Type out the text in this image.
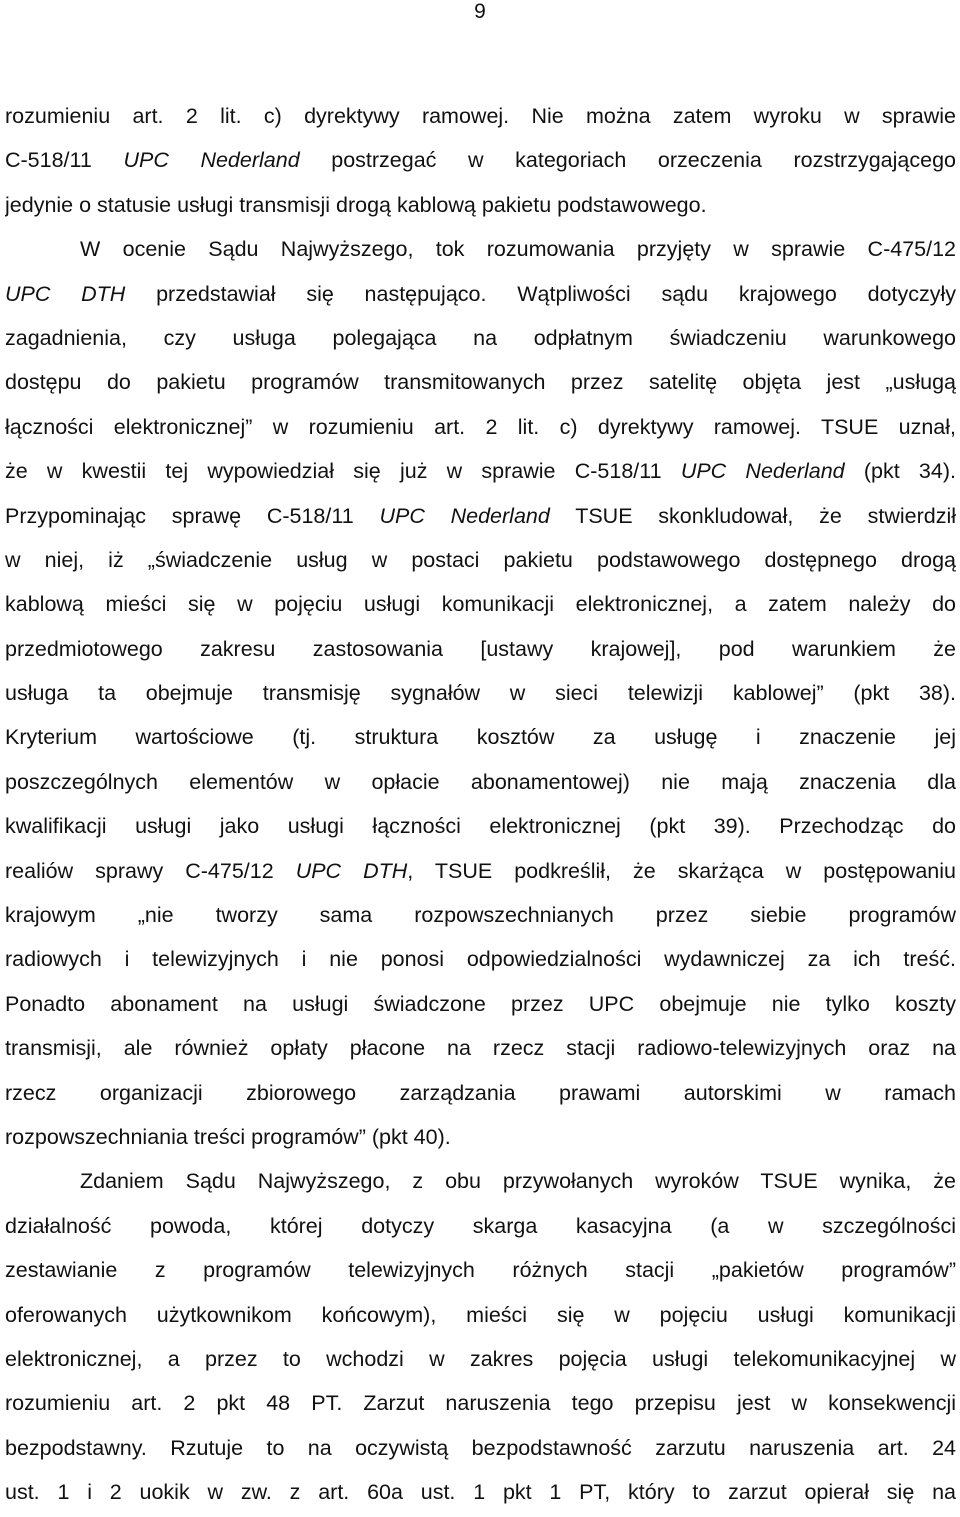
9
rozumieniu art. 2 lit. c) dyrektywy ramowej. Nie można zatem wyroku w sprawie
C-518/11 UPC Nederland postrzegać w kategoriach orzeczenia rozstrzygającego
jedynie o statusie usługi transmisji drogą kablową pakietu podstawowego.
W ocenie Sądu Najwyższego, tok rozumowania przyjęty w sprawie C-475/12
UPC DTH przedstawiał się następująco. Wątpliwości sądu krajowego dotyczyły
zagadnienia, czy usługa polegająca na odpłatnym świadczeniu warunkowego
dostępu do pakietu programów transmitowanych przez satelitę objęta jest „usługą
łączności elektronicznej” w rozumieniu art. 2 lit. c) dyrektywy ramowej. TSUE uznał,
że w kwestii tej wypowiedział się już w sprawie C-518/11 UPC Nederland (pkt 34).
Przypominając sprawę C-518/11 UPC Nederland TSUE skonkludował, że stwierdził
w niej, iż „świadczenie usług w postaci pakietu podstawowego dostępnego drogą
kablową mieści się w pojęciu usługi komunikacji elektronicznej, a zatem należy do
przedmiotowego zakresu zastosowania [ustawy krajowej], pod warunkiem że
usługa ta obejmuje transmisję sygnałów w sieci telewizji kablowej” (pkt 38).
Kryterium wartościowe (tj. struktura kosztów za usługę i znaczenie jej
poszczególnych elementów w opłacie abonamentowej) nie mają znaczenia dla
kwalifikacji usługi jako usługi łączności elektronicznej (pkt 39). Przechodząc do
realiów sprawy C-475/12 UPC DTH, TSUE podkreślił, że skarżąca w postępowaniu
krajowym „nie tworzy sama rozpowszechnianych przez siebie programów
radiowych i telewizyjnych i nie ponosi odpowiedzialności wydawniczej za ich treść.
Ponadto abonament na usługi świadczone przez UPC obejmuje nie tylko koszty
transmisji, ale również opłaty płacone na rzecz stacji radiowo-telewizyjnych oraz na
rzecz organizacji zbiorowego zarządzania prawami autorskimi w ramach
rozpowszechniania treści programów” (pkt 40).
Zdaniem Sądu Najwyższego, z obu przywołanych wyroków TSUE wynika, że
działalność powoda, której dotyczy skarga kasacyjna (a w szczególności
zestawianie z programów telewizyjnych różnych stacji „pakietów programów”
oferowanych użytkownikom końcowym), mieści się w pojęciu usługi komunikacji
elektronicznej, a przez to wchodzi w zakres pojęcia usługi telekomunikacyjnej w
rozumieniu art. 2 pkt 48 PT. Zarzut naruszenia tego przepisu jest w konsekwencji
bezpodstawny. Rzutuje to na oczywistą bezpodstawność zarzutu naruszenia art. 24
ust. 1 i 2 uokik w zw. z art. 60a ust. 1 pkt 1 PT, który to zarzut opierał się na
